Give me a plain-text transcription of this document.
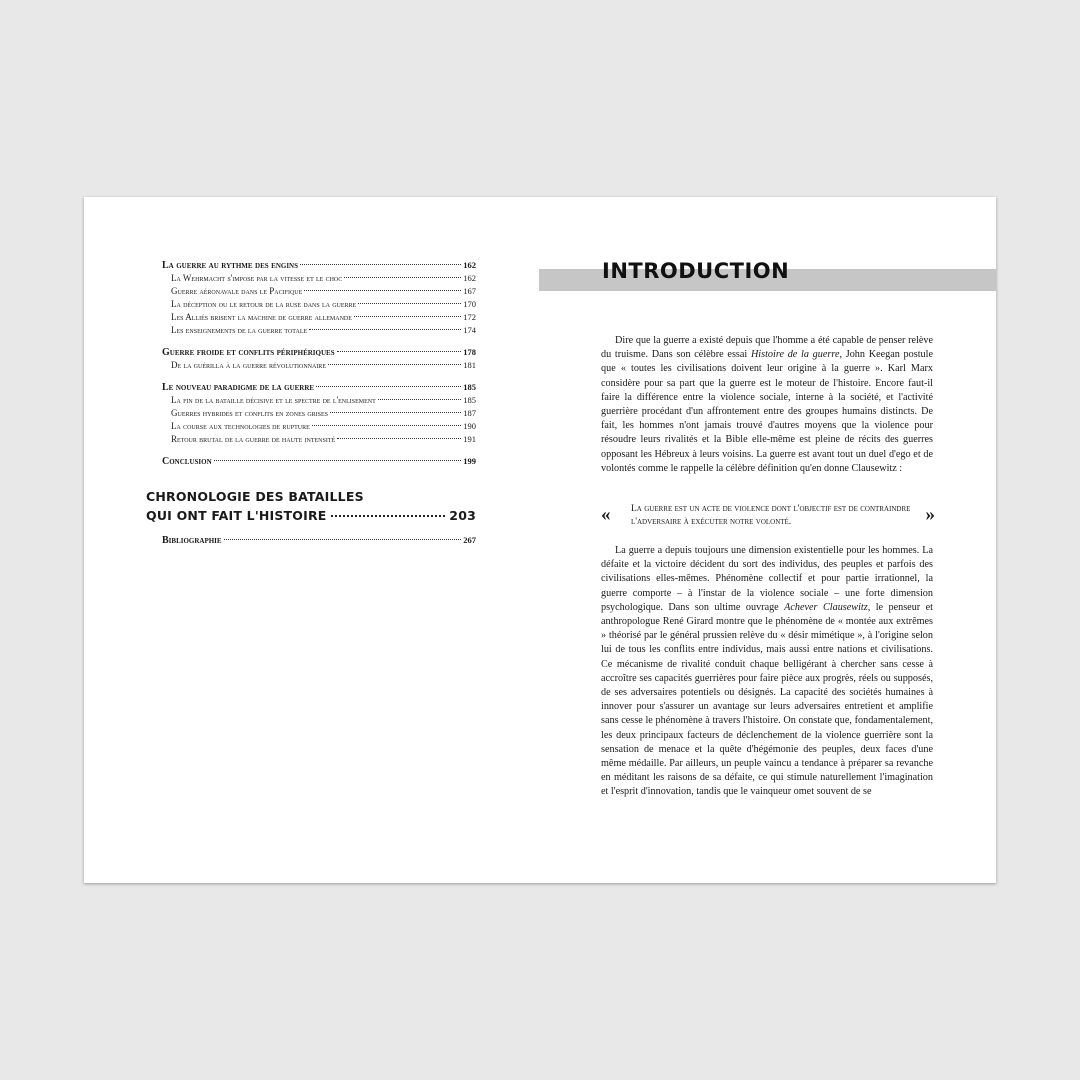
La guerre au rythme des engins	162
La Wehrmacht s'impose par la vitesse et le choc	162
Guerre aéronavale dans le Pacifique	167
La déception ou le retour de la ruse dans la guerre	170
Les Alliés brisent la machine de guerre allemande	172
Les enseignements de la guerre totale	174
Guerre froide et conflits périphériques	178
De la guérilla à la guerre révolutionnaire	181
Le nouveau paradigme de la guerre	185
La fin de la bataille décisive et le spectre de l'enlisement	185
Guerres hybrides et conflits en zones grises	187
La course aux technologies de rupture	190
Retour brutal de la guerre de haute intensité	191
Conclusion	199
CHRONOLOGIE DES BATAILLES
QUI ONT FAIT L'HISTOIRE	203
Bibliographie	267
INTRODUCTION

Dire que la guerre a existé depuis que l'homme a été capable de penser relève du truisme. Dans son célèbre essai Histoire de la guerre, John Keegan postule que « toutes les civilisations doivent leur origine à la guerre ». Karl Marx considère pour sa part que la guerre est le moteur de l'histoire. Encore faut-il faire la différence entre la violence sociale, interne à la société, et l'activité guerrière procédant d'un affrontement entre des groupes humains distincts. De fait, les hommes n'ont jamais trouvé d'autres moyens que la violence pour résoudre leurs rivalités et la Bible elle-même est pleine de récits des guerres opposant les Hébreux à leurs voisins. La guerre est avant tout un duel d'ego et de volontés comme le rappelle la célèbre définition qu'en donne Clausewitz :

« La guerre est un acte de violence dont l'objectif est de contraindre l'adversaire à exécuter notre volonté.	»

La guerre a depuis toujours une dimension existentielle pour les hommes. La défaite et la victoire décident du sort des individus, des peuples et parfois des civilisations elles-mêmes. Phénomène collectif et pour partie irrationnel, la guerre comporte – à l'instar de la violence sociale – une forte dimension psychologique. Dans son ultime ouvrage Achever Clausewitz, le penseur et anthropologue René Girard montre que le phénomène de « montée aux extrêmes » théorisé par le général prussien relève du « désir mimétique », à l'origine selon lui de tous les conflits entre individus, mais aussi entre nations et civilisations. Ce mécanisme de rivalité conduit chaque belligérant à chercher sans cesse à accroître ses capacités guerrières pour faire pièce aux progrès, réels ou supposés, de ses adversaires potentiels ou désignés. La capacité des sociétés humaines à innover pour s'assurer un avantage sur leurs adversaires entretient et amplifie sans cesse le phénomène à travers l'histoire. On constate que, fondamentalement, les deux principaux facteurs de déclenchement de la violence guerrière sont la sensation de menace et la quête d'hégémonie des peuples, deux faces d'une même médaille. Par ailleurs, un peuple vaincu a tendance à préparer sa revanche en méditant les raisons de sa défaite, ce qui stimule naturellement l'imagination et l'esprit d'innovation, tandis que le vainqueur omet souvent de se
